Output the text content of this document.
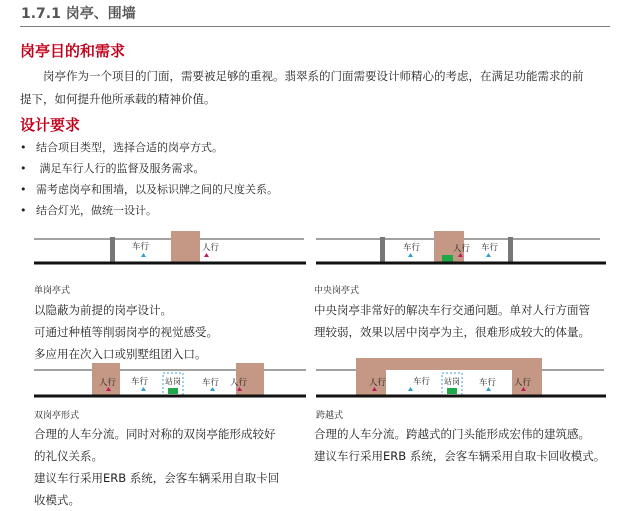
1.7.1 岗亭、围墙
岗亭目的和需求
岗亭作为一个项目的门面，需要被足够的重视。翡翠系的门面需要设计师精心的考虑，在满足功能需求的前
提下，如何提升他所承载的精神价值。
设计要求
• 结合项目类型，选择合适的岗亭方式。
• 满足车行人行的监督及服务需求。
• 需考虑岗亭和围墙，以及标识牌之间的尺度关系。
• 结合灯光，做统一设计。
车行	人行
单岗亭式
以隐蔽为前提的岗亭设计。
可通过种植等削弱岗亭的视觉感受。
多应用在次入口或别墅组团入口。
车行	人行 车行
中央岗亭式
中央岗亭非常好的解决车行交通问题。单对人行方面管
理较弱，效果以居中岗亭为主，很难形成较大的体量。
人行 车行 站岗 车行 人行
双岗亭形式
合理的人车分流。同时对称的双岗亭能形成较好
的礼仪关系。
建议车行采用ERB 系统，会客车辆采用自取卡回
收模式。
人行	车行 站岗 车行 人行
跨越式
合理的人车分流。跨越式的门头能形成宏伟的建筑感。
建议车行采用ERB 系统，会客车辆采用自取卡回收模式。
